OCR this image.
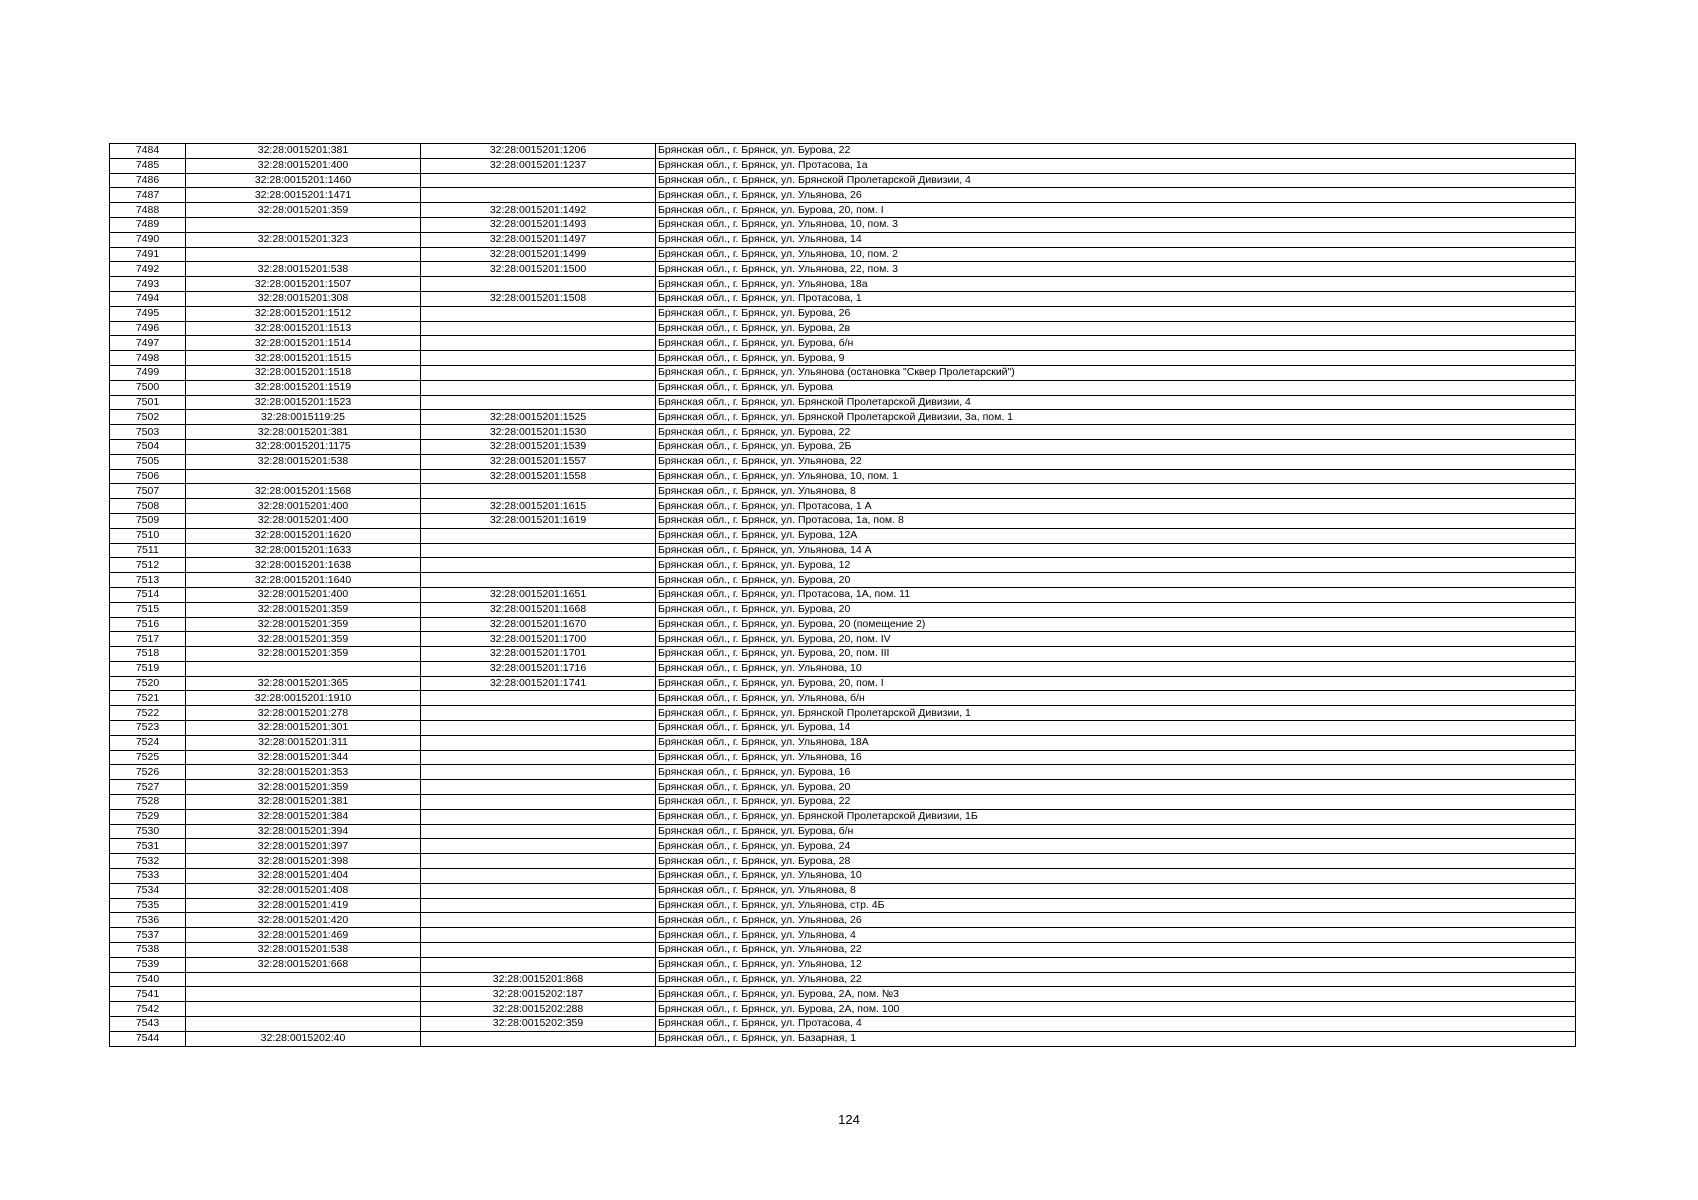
7484	32:28:0015201:381	32:28:0015201:1206	Брянская обл., г. Брянск, ул. Бурова, 22
7485	32:28:0015201:400	32:28:0015201:1237	Брянская обл., г. Брянск, ул. Протасова, 1а
7486	32:28:0015201:1460		Брянская обл., г. Брянск, ул. Брянской Пролетарской Дивизии, 4
7487	32:28:0015201:1471		Брянская обл., г. Брянск, ул. Ульянова, 26
7488	32:28:0015201:359	32:28:0015201:1492	Брянская обл., г. Брянск, ул. Бурова, 20, пом. I
7489		32:28:0015201:1493	Брянская обл., г. Брянск, ул. Ульянова, 10, пом. 3
7490	32:28:0015201:323	32:28:0015201:1497	Брянская обл., г. Брянск, ул. Ульянова, 14
7491		32:28:0015201:1499	Брянская обл., г. Брянск, ул. Ульянова, 10, пом. 2
7492	32:28:0015201:538	32:28:0015201:1500	Брянская обл., г. Брянск, ул. Ульянова, 22, пом. 3
7493	32:28:0015201:1507		Брянская обл., г. Брянск, ул. Ульянова, 18а
7494	32:28:0015201:308	32:28:0015201:1508	Брянская обл., г. Брянск, ул. Протасова, 1
7495	32:28:0015201:1512		Брянская обл., г. Брянск, ул. Бурова, 26
7496	32:28:0015201:1513		Брянская обл., г. Брянск, ул. Бурова, 2в
7497	32:28:0015201:1514		Брянская обл., г. Брянск, ул. Бурова, б/н
7498	32:28:0015201:1515		Брянская обл., г. Брянск, ул. Бурова, 9
7499	32:28:0015201:1518		Брянская обл., г. Брянск, ул. Ульянова (остановка "Сквер Пролетарский")
7500	32:28:0015201:1519		Брянская обл., г. Брянск, ул. Бурова
7501	32:28:0015201:1523		Брянская обл., г. Брянск, ул. Брянской Пролетарской Дивизии, 4
7502	32:28:0015119:25	32:28:0015201:1525	Брянская обл., г. Брянск, ул. Брянской Пролетарской Дивизии, 3а, пом. 1
7503	32:28:0015201:381	32:28:0015201:1530	Брянская обл., г. Брянск, ул. Бурова, 22
7504	32:28:0015201:1175	32:28:0015201:1539	Брянская обл., г. Брянск, ул. Бурова, 2Б
7505	32:28:0015201:538	32:28:0015201:1557	Брянская обл., г. Брянск, ул. Ульянова, 22
7506		32:28:0015201:1558	Брянская обл., г. Брянск, ул. Ульянова, 10, пом. 1
7507	32:28:0015201:1568		Брянская обл., г. Брянск, ул. Ульянова, 8
7508	32:28:0015201:400	32:28:0015201:1615	Брянская обл., г. Брянск, ул. Протасова, 1 А
7509	32:28:0015201:400	32:28:0015201:1619	Брянская обл., г. Брянск, ул. Протасова, 1а, пом. 8
7510	32:28:0015201:1620		Брянская обл., г. Брянск, ул. Бурова, 12А
7511	32:28:0015201:1633		Брянская обл., г. Брянск, ул. Ульянова, 14 А
7512	32:28:0015201:1638		Брянская обл., г. Брянск, ул. Бурова, 12
7513	32:28:0015201:1640		Брянская обл., г. Брянск, ул. Бурова, 20
7514	32:28:0015201:400	32:28:0015201:1651	Брянская обл., г. Брянск, ул. Протасова, 1А, пом. 11
7515	32:28:0015201:359	32:28:0015201:1668	Брянская обл., г. Брянск, ул. Бурова, 20
7516	32:28:0015201:359	32:28:0015201:1670	Брянская обл., г. Брянск, ул. Бурова, 20 (помещение 2)
7517	32:28:0015201:359	32:28:0015201:1700	Брянская обл., г. Брянск, ул. Бурова, 20, пом. IV
7518	32:28:0015201:359	32:28:0015201:1701	Брянская обл., г. Брянск, ул. Бурова, 20, пом. III
7519		32:28:0015201:1716	Брянская обл., г. Брянск, ул. Ульянова, 10
7520	32:28:0015201:365	32:28:0015201:1741	Брянская обл., г. Брянск, ул. Бурова, 20, пом. I
7521	32:28:0015201:1910		Брянская обл., г. Брянск, ул. Ульянова, б/н
7522	32:28:0015201:278		Брянская обл., г. Брянск, ул. Брянской Пролетарской Дивизии, 1
7523	32:28:0015201:301		Брянская обл., г. Брянск, ул. Бурова, 14
7524	32:28:0015201:311		Брянская обл., г. Брянск, ул. Ульянова, 18А
7525	32:28:0015201:344		Брянская обл., г. Брянск, ул. Ульянова, 16
7526	32:28:0015201:353		Брянская обл., г. Брянск, ул. Бурова, 16
7527	32:28:0015201:359		Брянская обл., г. Брянск, ул. Бурова, 20
7528	32:28:0015201:381		Брянская обл., г. Брянск, ул. Бурова, 22
7529	32:28:0015201:384		Брянская обл., г. Брянск, ул. Брянской Пролетарской Дивизии, 1Б
7530	32:28:0015201:394		Брянская обл., г. Брянск, ул. Бурова, б/н
7531	32:28:0015201:397		Брянская обл., г. Брянск, ул. Бурова, 24
7532	32:28:0015201:398		Брянская обл., г. Брянск, ул. Бурова, 28
7533	32:28:0015201:404		Брянская обл., г. Брянск, ул. Ульянова, 10
7534	32:28:0015201:408		Брянская обл., г. Брянск, ул. Ульянова, 8
7535	32:28:0015201:419		Брянская обл., г. Брянск, ул. Ульянова, стр. 4Б
7536	32:28:0015201:420		Брянская обл., г. Брянск, ул. Ульянова, 26
7537	32:28:0015201:469		Брянская обл., г. Брянск, ул. Ульянова, 4
7538	32:28:0015201:538		Брянская обл., г. Брянск, ул. Ульянова, 22
7539	32:28:0015201:668		Брянская обл., г. Брянск, ул. Ульянова, 12
7540		32:28:0015201:868	Брянская обл., г. Брянск, ул. Ульянова, 22
7541		32:28:0015202:187	Брянская обл., г. Брянск, ул. Бурова, 2А, пом. №3
7542		32:28:0015202:288	Брянская обл., г. Брянск, ул. Бурова, 2А, пом. 100
7543		32:28:0015202:359	Брянская обл., г. Брянск, ул. Протасова, 4
7544	32:28:0015202:40		Брянская обл., г. Брянск, ул. Базарная, 1
124
